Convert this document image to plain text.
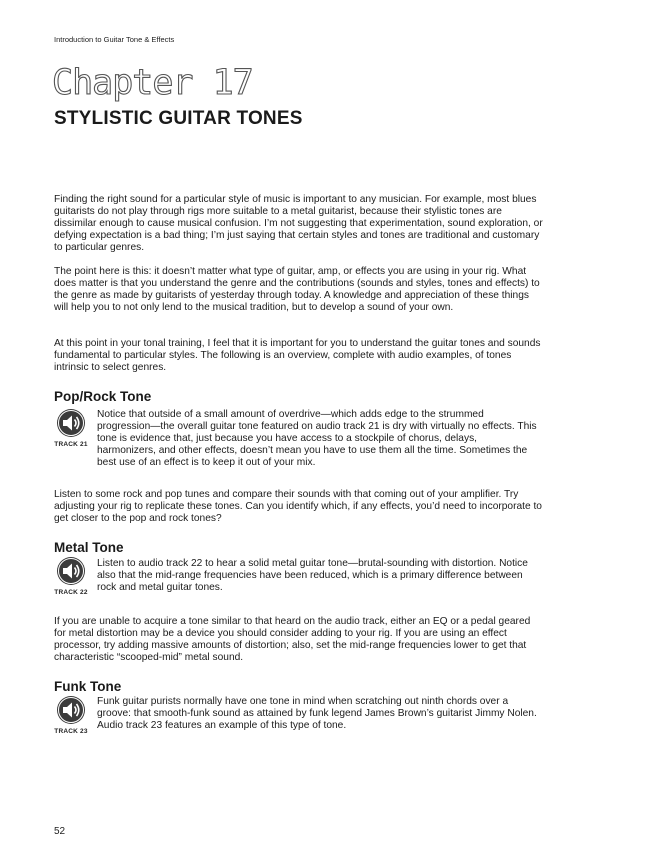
Introduction to Guitar Tone & Effects
Chapter 17
STYLISTIC GUITAR TONES

Finding the right sound for a particular style of music is important to any musician. For example, most blues guitarists do not play through rigs more suitable to a metal guitarist, because their stylistic tones are dissimilar enough to cause musical confusion. I’m not suggesting that experimentation, sound exploration, or defying expectation is a bad thing; I’m just saying that certain styles and tones are traditional and customary to particular genres.

The point here is this: it doesn’t matter what type of guitar, amp, or effects you are using in your rig. What does matter is that you understand the genre and the contributions (sounds and styles, tones and effects) to the genre as made by guitarists of yesterday through today. A knowledge and appreciation of these things will help you to not only lend to the musical tradition, but to develop a sound of your own.

At this point in your tonal training, I feel that it is important for you to understand the guitar tones and sounds fundamental to particular styles. The following is an overview, complete with audio examples, of tones intrinsic to select genres.

Pop/Rock Tone
TRACK 21

Notice that outside of a small amount of overdrive—which adds edge to the strummed progression—the overall guitar tone featured on audio track 21 is dry with virtually no effects. This tone is evidence that, just because you have access to a stockpile of chorus, delays, harmonizers, and other effects, doesn’t mean you have to use them all the time. Sometimes the best use of an effect is to keep it out of your mix.

Listen to some rock and pop tunes and compare their sounds with that coming out of your amplifier. Try adjusting your rig to replicate these tones. Can you identify which, if any effects, you’d need to incorporate to get closer to the pop and rock tones?

Metal Tone
TRACK 22

Listen to audio track 22 to hear a solid metal guitar tone—brutal-sounding with distortion. Notice also that the mid-range frequencies have been reduced, which is a primary difference between rock and metal guitar tones.

If you are unable to acquire a tone similar to that heard on the audio track, either an EQ or a pedal geared for metal distortion may be a device you should consider adding to your rig. If you are using an effect processor, try adding massive amounts of distortion; also, set the mid-range frequencies lower to get that characteristic “scooped-mid” metal sound.

Funk Tone
TRACK 23

Funk guitar purists normally have one tone in mind when scratching out ninth chords over a groove: that smooth-funk sound as attained by funk legend James Brown’s guitarist Jimmy Nolen. Audio track 23 features an example of this type of tone.

52
